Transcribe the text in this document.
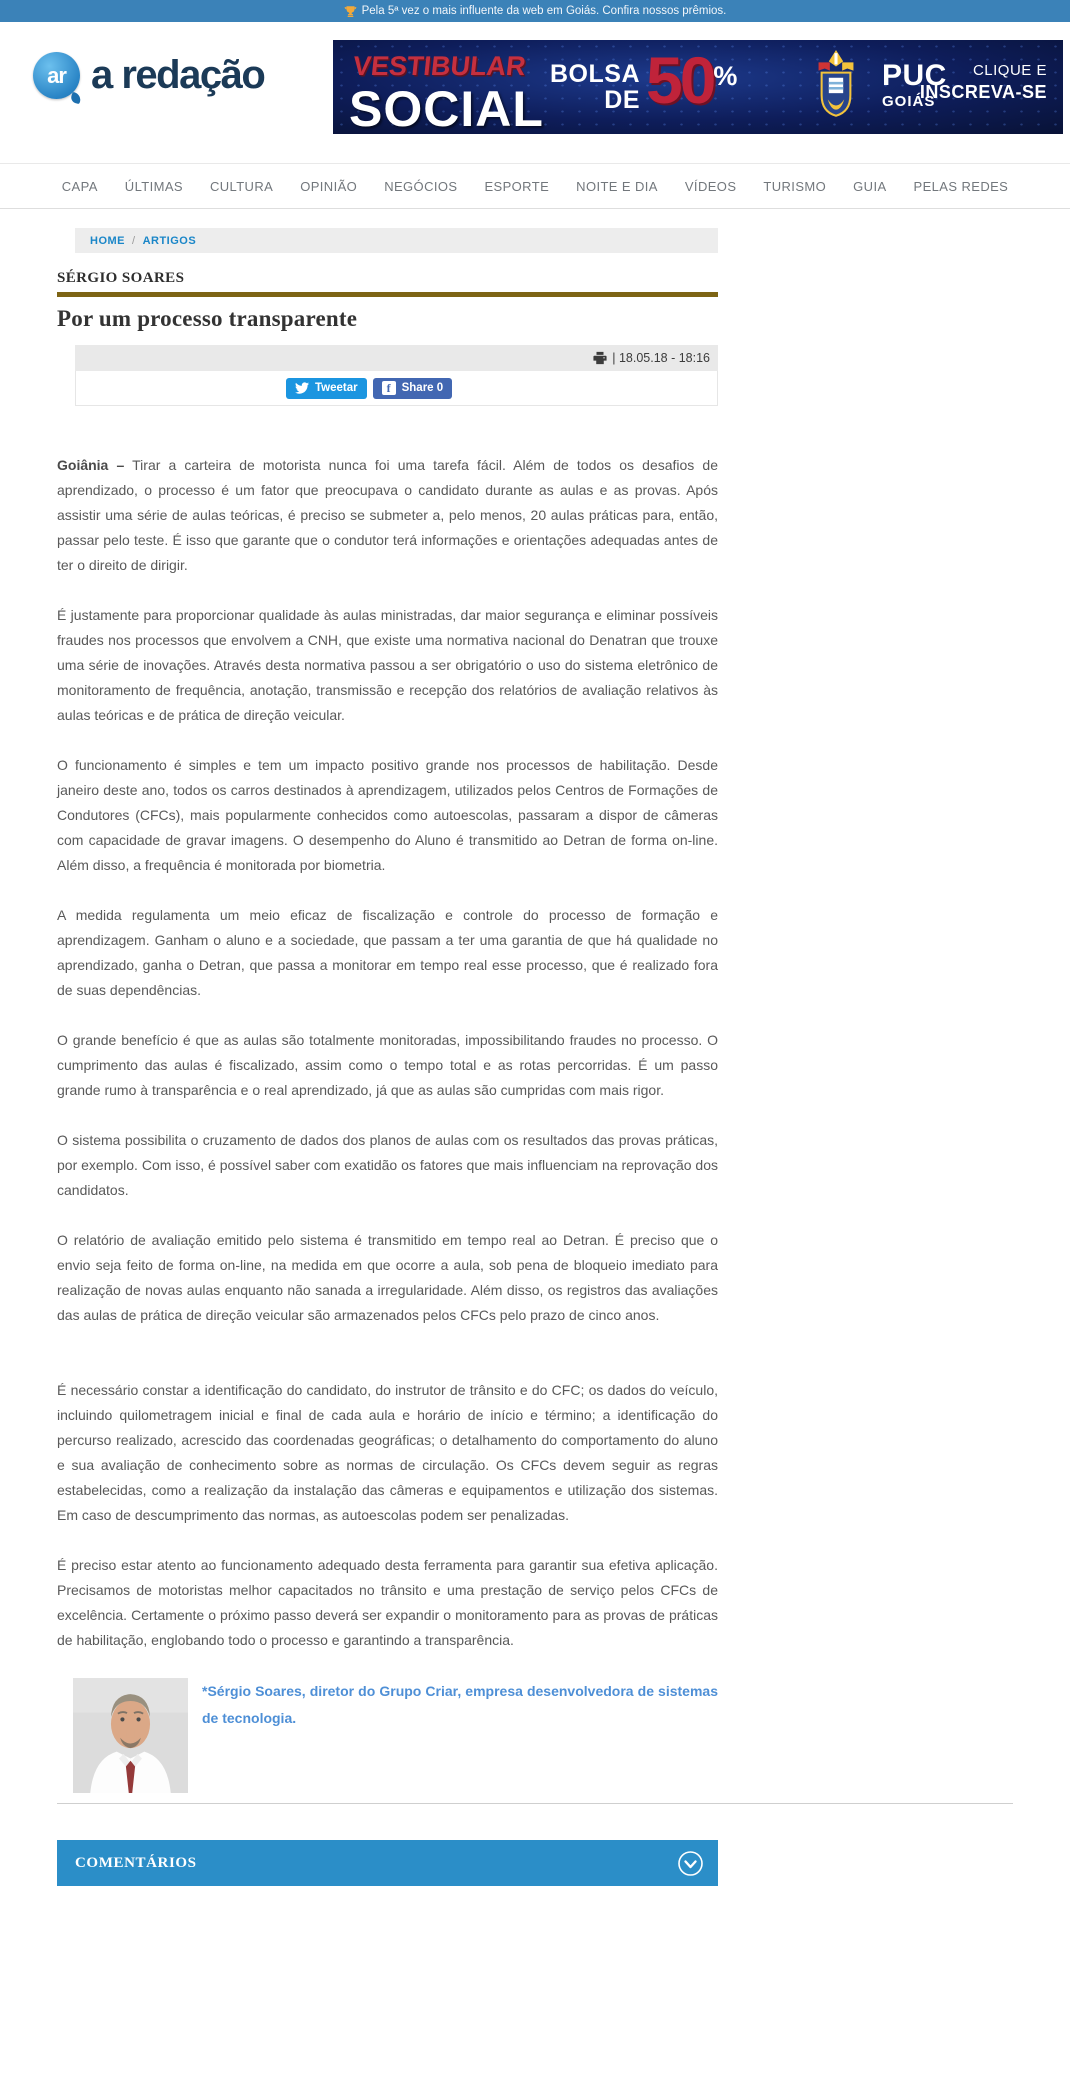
Pela 5ª vez o mais influente da web em Goiás. Confira nossos prêmios.
ar a redação	VESTIBULAR
SOCIAL
BOLSA
DE 50%	PUC
GOIÁS
CLIQUE E
INSCREVA-SE
CAPA ÚLTIMAS CULTURA OPINIÃO NEGÓCIOS ESPORTE NOITE E DIA VÍDEOS TURISMO GUIA PELAS REDES
HOME / ARTIGOS
SÉRGIO SOARES
Por um processo transparente
| 18.05.18 - 18:16
Tweetar	f Share 0

Goiânia – Tirar a carteira de motorista nunca foi uma tarefa fácil. Além de todos os desafios de aprendizado, o processo é um fator que preocupava o candidato durante as aulas e as provas. Após assistir uma série de aulas teóricas, é preciso se submeter a, pelo menos, 20 aulas práticas para, então, passar pelo teste. É isso que garante que o condutor terá informações e orientações adequadas antes de ter o direito de dirigir.

É justamente para proporcionar qualidade às aulas ministradas, dar maior segurança e eliminar possíveis fraudes nos processos que envolvem a CNH, que existe uma normativa nacional do Denatran que trouxe uma série de inovações. Através desta normativa passou a ser obrigatório o uso do sistema eletrônico de monitoramento de frequência, anotação, transmissão e recepção dos relatórios de avaliação relativos às aulas teóricas e de prática de direção veicular.

O funcionamento é simples e tem um impacto positivo grande nos processos de habilitação. Desde janeiro deste ano, todos os carros destinados à aprendizagem, utilizados pelos Centros de Formações de Condutores (CFCs), mais popularmente conhecidos como autoescolas, passaram a dispor de câmeras com capacidade de gravar imagens. O desempenho do Aluno é transmitido ao Detran de forma on-line. Além disso, a frequência é monitorada por biometria.

A medida regulamenta um meio eficaz de fiscalização e controle do processo de formação e aprendizagem. Ganham o aluno e a sociedade, que passam a ter uma garantia de que há qualidade no aprendizado, ganha o Detran, que passa a monitorar em tempo real esse processo, que é realizado fora de suas dependências.

O grande benefício é que as aulas são totalmente monitoradas, impossibilitando fraudes no processo. O cumprimento das aulas é fiscalizado, assim como o tempo total e as rotas percorridas. É um passo grande rumo à transparência e o real aprendizado, já que as aulas são cumpridas com mais rigor.

O sistema possibilita o cruzamento de dados dos planos de aulas com os resultados das provas práticas, por exemplo. Com isso, é possível saber com exatidão os fatores que mais influenciam na reprovação dos candidatos.

O relatório de avaliação emitido pelo sistema é transmitido em tempo real ao Detran. É preciso que o envio seja feito de forma on-line, na medida em que ocorre a aula, sob pena de bloqueio imediato para realização de novas aulas enquanto não sanada a irregularidade. Além disso, os registros das avaliações das aulas de prática de direção veicular são armazenados pelos CFCs pelo prazo de cinco anos.

É necessário constar a identificação do candidato, do instrutor de trânsito e do CFC; os dados do veículo, incluindo quilometragem inicial e final de cada aula e horário de início e término; a identificação do percurso realizado, acrescido das coordenadas geográficas; o detalhamento do comportamento do aluno e sua avaliação de conhecimento sobre as normas de circulação. Os CFCs devem seguir as regras estabelecidas, como a realização da instalação das câmeras e equipamentos e utilização dos sistemas. Em caso de descumprimento das normas, as autoescolas podem ser penalizadas.

É preciso estar atento ao funcionamento adequado desta ferramenta para garantir sua efetiva aplicação. Precisamos de motoristas melhor capacitados no trânsito e uma prestação de serviço pelos CFCs de excelência. Certamente o próximo passo deverá ser expandir o monitoramento para as provas de práticas de habilitação, englobando todo o processo e garantindo a transparência.

*Sérgio Soares, diretor do Grupo Criar, empresa desenvolvedora de sistemas de tecnologia.
COMENTÁRIOS
